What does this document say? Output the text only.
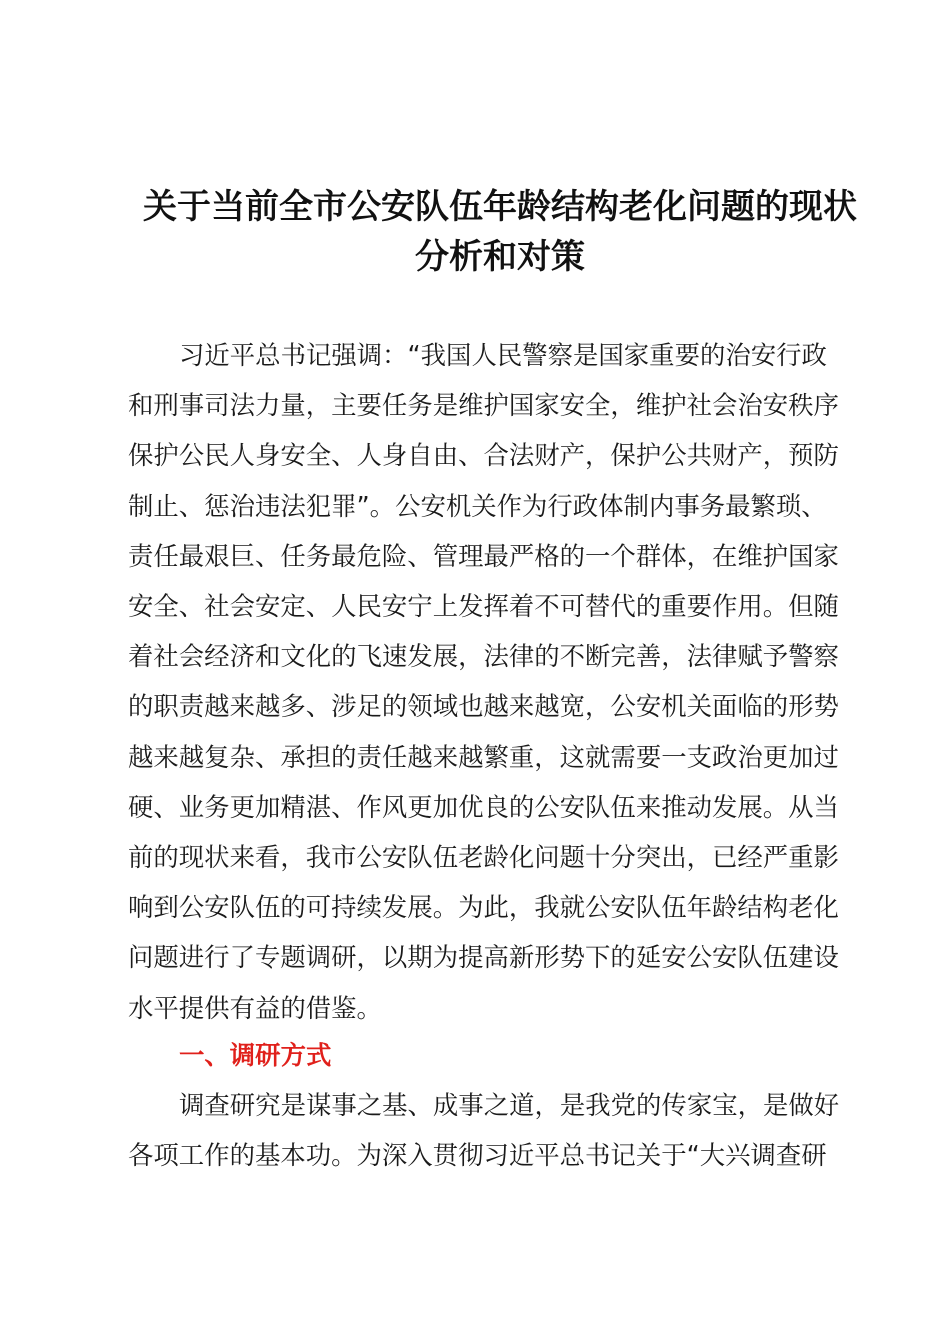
关于当前全市公安队伍年龄结构老化问题的现状
分析和对策
习近平总书记强调：“我国人民警察是国家重要的治安行政
和刑事司法力量，主要任务是维护国家安全，维护社会治安秩序
保护公民人身安全、人身自由、合法财产，保护公共财产，预防
制止、惩治违法犯罪”。公安机关作为行政体制内事务最繁琐、
责任最艰巨、任务最危险、管理最严格的一个群体，在维护国家
安全、社会安定、人民安宁上发挥着不可替代的重要作用。但随
着社会经济和文化的飞速发展，法律的不断完善，法律赋予警察
的职责越来越多、涉足的领域也越来越宽，公安机关面临的形势
越来越复杂、承担的责任越来越繁重，这就需要一支政治更加过
硬、业务更加精湛、作风更加优良的公安队伍来推动发展。从当
前的现状来看，我市公安队伍老龄化问题十分突出，已经严重影
响到公安队伍的可持续发展。为此，我就公安队伍年龄结构老化
问题进行了专题调研，以期为提高新形势下的延安公安队伍建设
水平提供有益的借鉴。
一、调研方式
调查研究是谋事之基、成事之道，是我党的传家宝，是做好
各项工作的基本功。为深入贯彻习近平总书记关于“大兴调查研
